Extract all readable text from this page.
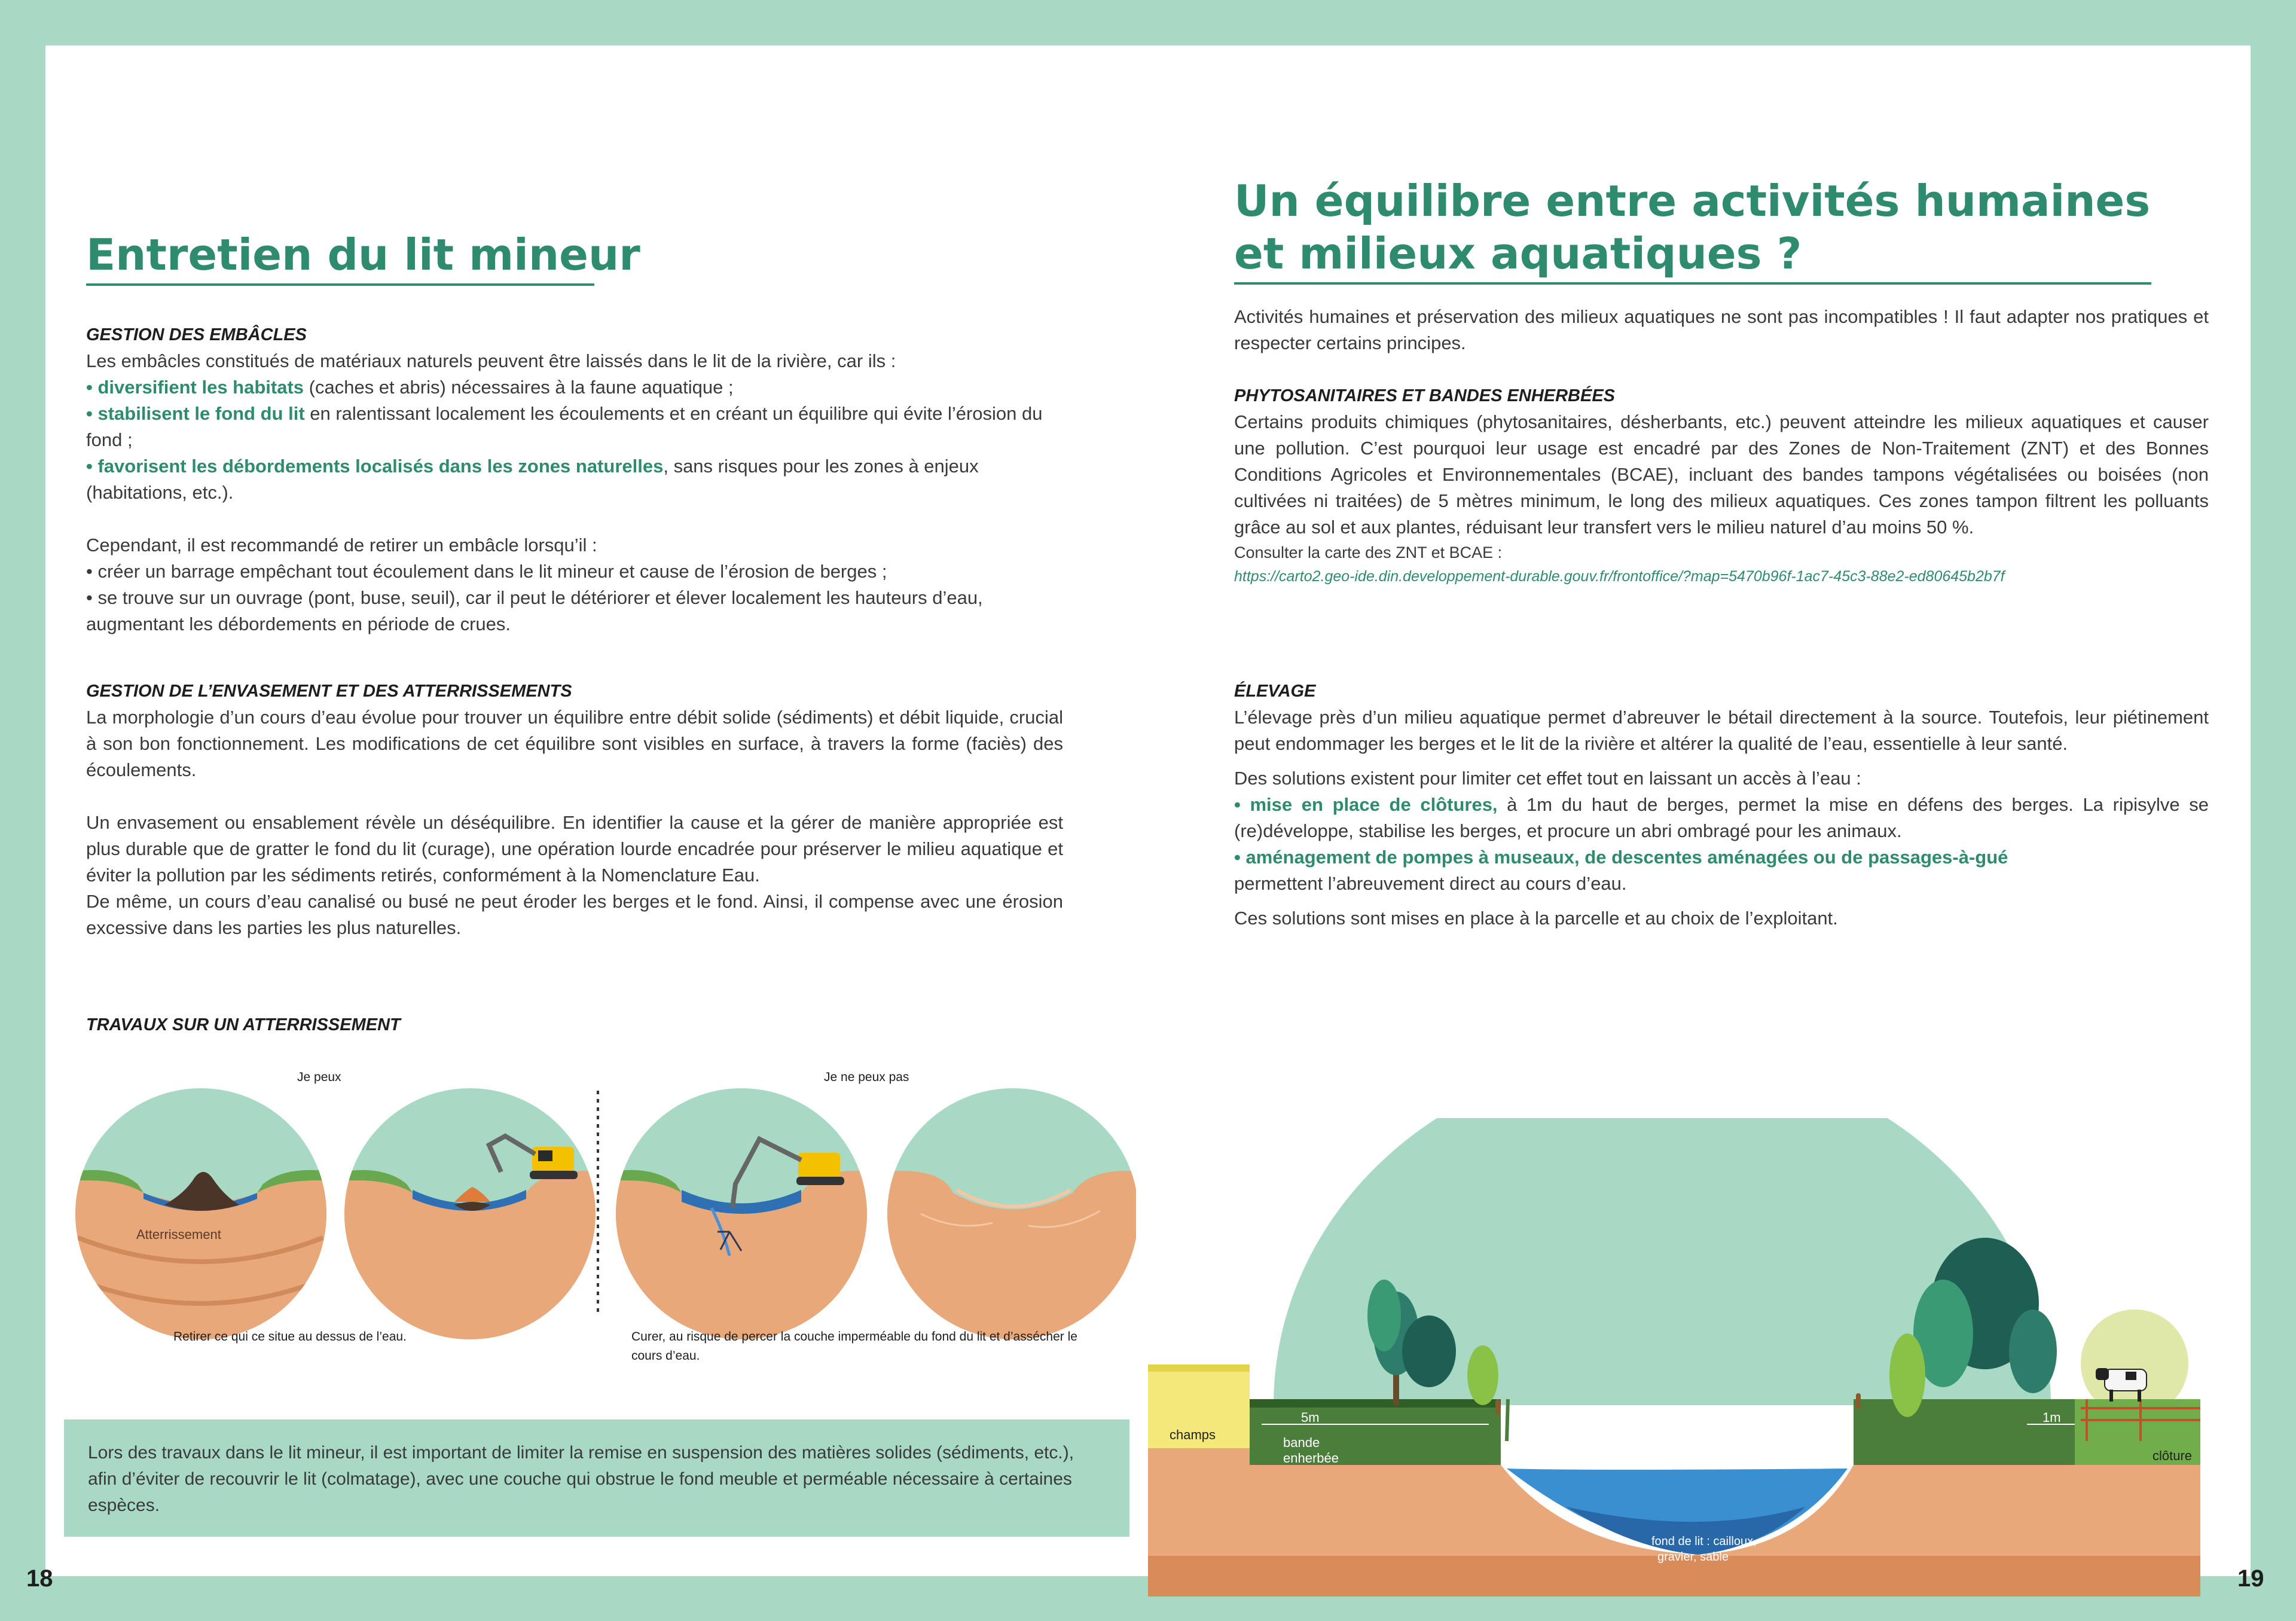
Entretien du lit mineur

GESTION DES EMBÂCLES

Les embâcles constitués de matériaux naturels peuvent être laissés dans le lit de la rivière, car ils :

• diversifient les habitats (caches et abris) nécessaires à la faune aquatique ;

• stabilisent le fond du lit en ralentissant localement les écoulements et en créant un équilibre qui évite l’érosion du fond ;

• favorisent les débordements localisés dans les zones naturelles, sans risques pour les zones à enjeux (habitations, etc.).

Cependant, il est recommandé de retirer un embâcle lorsqu’il :

• créer un barrage empêchant tout écoulement dans le lit mineur et cause de l’érosion de berges ;

• se trouve sur un ouvrage (pont, buse, seuil), car il peut le détériorer et élever localement les hauteurs d’eau, augmentant les débordements en période de crues.

GESTION DE L’ENVASEMENT ET DES ATTERRISSEMENTS

La morphologie d’un cours d’eau évolue pour trouver un équilibre entre débit solide (sédiments) et débit liquide, crucial à son bon fonctionnement. Les modifications de cet équilibre sont visibles en surface, à travers la forme (faciès) des écoulements.

Un envasement ou ensablement révèle un déséquilibre. En identifier la cause et la gérer de manière appropriée est plus durable que de gratter le fond du lit (curage), une opération lourde encadrée pour préserver le milieu aquatique et éviter la pollution par les sédiments retirés, conformément à la Nomenclature Eau.

De même, un cours d’eau canalisé ou busé ne peut éroder les berges et le fond. Ainsi, il compense avec une érosion excessive dans les parties les plus naturelles.

TRAVAUX SUR UN ATTERRISSEMENT

Je peux	Je ne peux pas
Atterrissement
Retirer ce qui ce situe au dessus de l’eau.	Curer, au risque de percer la couche imperméable du fond du lit et d’assécher le cours d’eau.

Lors des travaux dans le lit mineur, il est important de limiter la remise en suspension des matières solides (sédiments, etc.), afin d’éviter de recouvrir le lit (colmatage), avec une couche qui obstrue le fond meuble et perméable nécessaire à certaines espèces.

18
Un équilibre entre activités humaines
et milieux aquatiques ?

Activités humaines et préservation des milieux aquatiques ne sont pas incompatibles ! Il faut adapter nos pratiques et respecter certains principes.

PHYTOSANITAIRES ET BANDES ENHERBÉES

Certains produits chimiques (phytosanitaires, désherbants, etc.) peuvent atteindre les milieux aquatiques et causer une pollution. C’est pourquoi leur usage est encadré par des Zones de Non-Traitement (ZNT) et des Bonnes Conditions Agricoles et Environnementales (BCAE), incluant des bandes tampons végétalisées ou boisées (non cultivées ni traitées) de 5 mètres minimum, le long des milieux aquatiques. Ces zones tampon filtrent les polluants grâce au sol et aux plantes, réduisant leur transfert vers le milieu naturel d’au moins 50 %.

Consulter la carte des ZNT et BCAE :

https://carto2.geo-ide.din.developpement-durable.gouv.fr/frontoffice/?map=5470b96f-1ac7-45c3-88e2-ed80645b2b7f

ÉLEVAGE

L’élevage près d’un milieu aquatique permet d’abreuver le bétail directement à la source. Toutefois, leur piétinement peut endommager les berges et le lit de la rivière et altérer la qualité de l’eau, essentielle à leur santé.

Des solutions existent pour limiter cet effet tout en laissant un accès à l’eau :

• mise en place de clôtures, à 1m du haut de berges, permet la mise en défens des berges. La ripisylve se (re)développe, stabilise les berges, et procure un abri ombragé pour les animaux.

• aménagement de pompes à museaux, de descentes aménagées ou de passages-à-gué
permettent l’abreuvement direct au cours d’eau.

Ces solutions sont mises en place à la parcelle et au choix de l’exploitant.

champs
5m
bande
enherbée
1m
clôture
fond de lit : cailloux,
gravier, sable
19
